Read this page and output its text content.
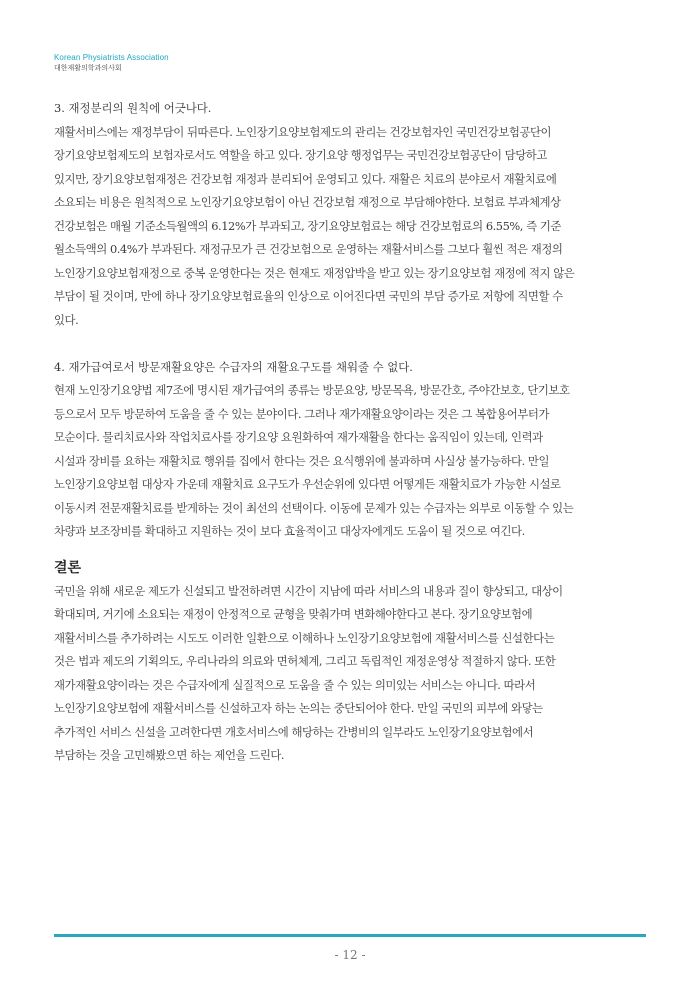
Korean Physiatrists Association
대한재활의학과의사회

3. 재정분리의 원칙에 어긋나다.

재활서비스에는 재정부담이 뒤따른다. 노인장기요양보험제도의 관리는 건강보험자인 국민건강보험공단이

장기요양보험제도의 보험자로서도 역할을 하고 있다. 장기요양 행정업무는 국민건강보험공단이 담당하고

있지만, 장기요양보험재정은 건강보험 재정과 분리되어 운영되고 있다. 재활은 치료의 분야로서 재활치료에

소요되는 비용은 원칙적으로 노인장기요양보험이 아닌 건강보험 재정으로 부담해야한다. 보험료 부과체계상

건강보험은 매월 기준소득월액의 6.12%가 부과되고, 장기요양보험료는 해당 건강보험료의 6.55%, 즉 기준

월소득액의 0.4%가 부과된다. 재정규모가 큰 건강보험으로 운영하는 재활서비스를 그보다 훨씬 적은 재정의

노인장기요양보험재정으로 중복 운영한다는 것은 현재도 재정압박을 받고 있는 장기요양보험 재정에 적지 않은

부담이 될 것이며, 만에 하나 장기요양보험료율의 인상으로 이어진다면 국민의 부담 증가로 저항에 직면할 수

있다.

4. 재가급여로서 방문재활요양은 수급자의 재활요구도를 채워줄 수 없다.

현재 노인장기요양법 제7조에 명시된 재가급여의 종류는 방문요양, 방문목욕, 방문간호, 주야간보호, 단기보호

등으로서 모두 방문하여 도움을 줄 수 있는 분야이다. 그러나 재가재활요양이라는 것은 그 복합용어부터가

모순이다. 물리치료사와 작업치료사를 장기요양 요원화하여 재가재활을 한다는 움직임이 있는데, 인력과

시설과 장비를 요하는 재활치료 행위를 집에서 한다는 것은 요식행위에 불과하며 사실상 불가능하다. 만일

노인장기요양보험 대상자 가운데 재활치료 요구도가 우선순위에 있다면 어떻게든 재활치료가 가능한 시설로

이동시켜 전문재활치료를 받게하는 것이 최선의 선택이다. 이동에 문제가 있는 수급자는 외부로 이동할 수 있는

차량과 보조장비를 확대하고 지원하는 것이 보다 효율적이고 대상자에게도 도움이 될 것으로 여긴다.

결론

국민을 위해 새로운 제도가 신설되고 발전하려면 시간이 지남에 따라 서비스의 내용과 질이 향상되고, 대상이

확대되며, 거기에 소요되는 재정이 안정적으로 균형을 맞춰가며 변화해야한다고 본다. 장기요양보험에

재활서비스를 추가하려는 시도도 이러한 일환으로 이해하나 노인장기요양보험에 재활서비스를 신설한다는

것은 법과 제도의 기획의도, 우리나라의 의료와 면허체계, 그리고 독립적인 재정운영상 적절하지 않다. 또한

재가재활요양이라는 것은 수급자에게 실질적으로 도움을 줄 수 있는 의미있는 서비스는 아니다. 따라서

노인장기요양보험에 재활서비스를 신설하고자 하는 논의는 중단되어야 한다. 만일 국민의 피부에 와닿는

추가적인 서비스 신설을 고려한다면 개호서비스에 해당하는 간병비의 일부라도 노인장기요양보험에서

부담하는 것을 고민해봤으면 하는 제언을 드린다.

- 12 -
